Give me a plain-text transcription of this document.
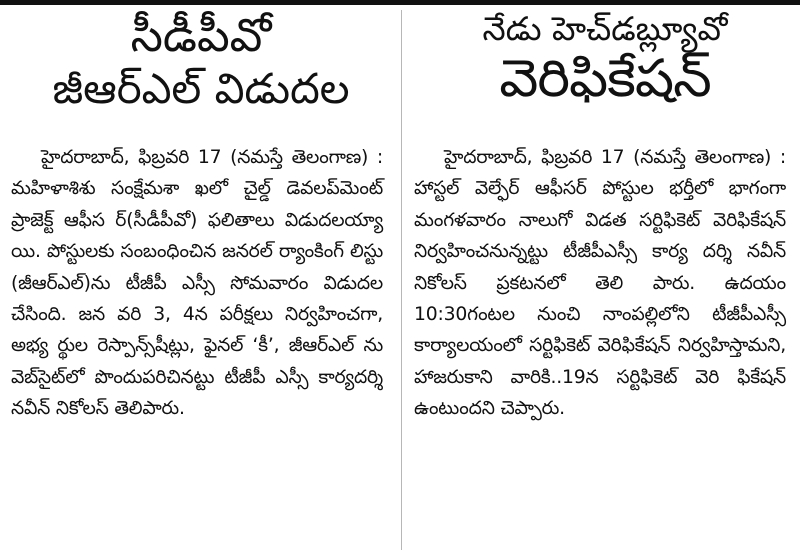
సీడీపీవో
జీఆర్ఎల్ విడుదల

హైదరాబాద్, ఫిబ్రవరి 17 (నమస్తే తెలంగాణ) : మహిళాశిశు సంక్షేమశా ఖలో చైల్డ్ డెవలప్‌మెంట్ ప్రాజెక్ట్ ఆఫీస ర్(సీడీపీవో) ఫలితాలు విడుదలయ్యా యి. పోస్టులకు సంబంధించిన జనరల్ ర్యాంకింగ్ లిస్టు (జీఆర్ఎల్)ను టీజీపీ ఎస్సీ సోమవారం విడుదల చేసింది. జన వరి 3, 4న పరీక్షలు నిర్వహించగా, అభ్య ర్థుల రెస్పాన్స్‌షీట్లు, ఫైనల్ ‘కీ’, జీఆర్ఎల్ ను వెబ్‌సైట్‌లో పొందుపరిచినట్టు టీజీపీ ఎస్సీ కార్యదర్శి నవీన్ నికోలస్ తెలిపారు.

నేడు హెచ్‌డబ్ల్యూవో
వెరిఫికేషన్

హైదరాబాద్, ఫిబ్రవరి 17 (నమస్తే తెలంగాణ) : హాస్టల్ వెల్ఫేర్ ఆఫీసర్ పోస్టుల భర్తీలో భాగంగా మంగళవారం నాలుగో విడత సర్టిఫికెట్ వెరిఫికేషన్ నిర్వహించనున్నట్టు టీజీపీఎస్సీ కార్య దర్శి నవీన్ నికోలస్ ప్రకటనలో తెలి పారు. ఉదయం 10:30గంటల నుంచి నాంపల్లిలోని టీజీపీఎస్సీ కార్యాలయంలో సర్టిఫికెట్ వెరిఫికేషన్ నిర్వహిస్తామని, హాజరుకాని వారికి..19న సర్టిఫికెట్ వెరి ఫికేషన్ ఉంటుందని చెప్పారు.
